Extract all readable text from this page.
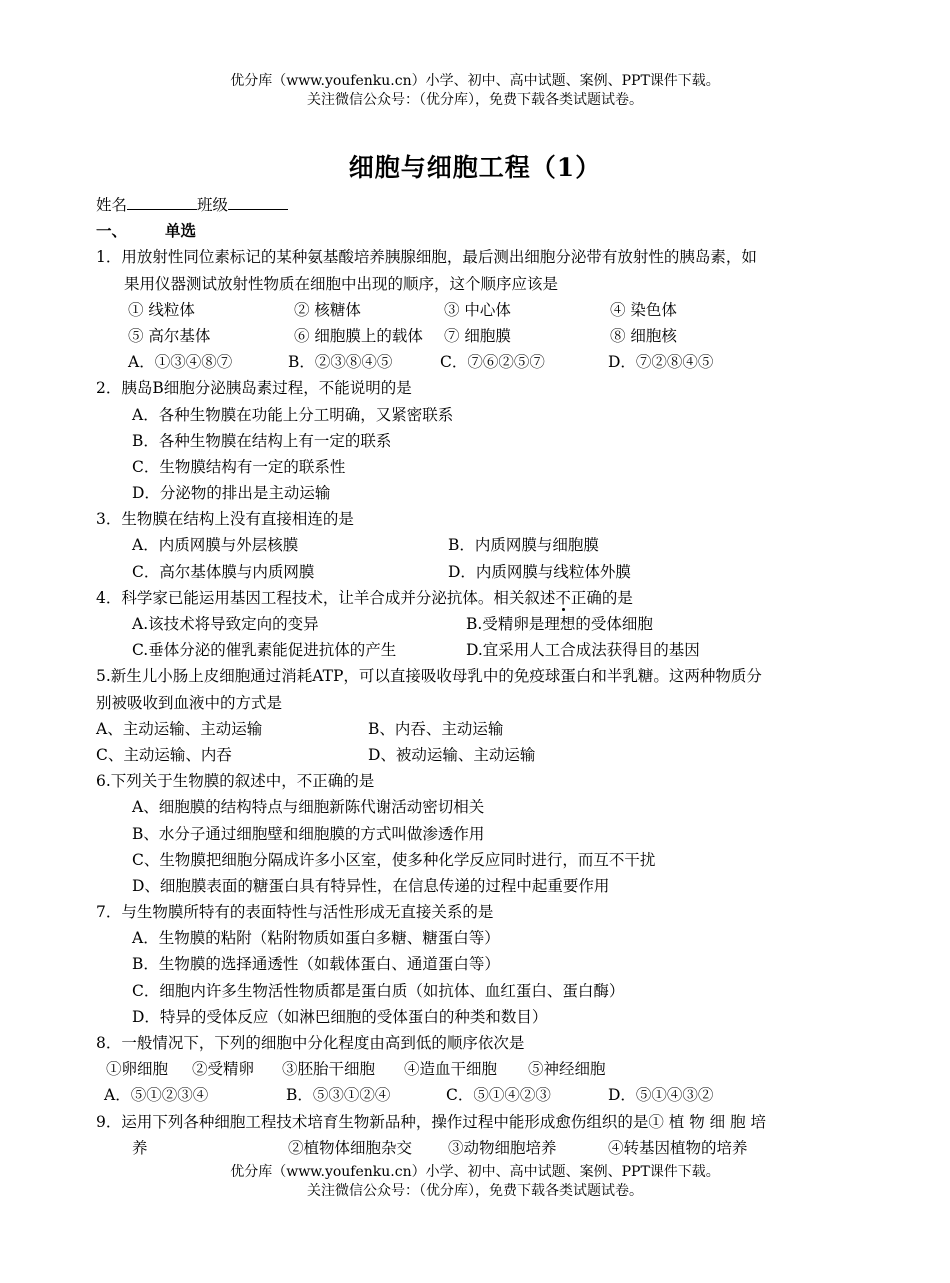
优分库（www.youfenku.cn）小学、初中、高中试题、案例、PPT课件下载。
关注微信公众号：（优分库），免费下载各类试题试卷。
细胞与细胞工程（1）
姓名	班级
一、 单选
1．用放射性同位素标记的某种氨基酸培养胰腺细胞，最后测出细胞分泌带有放射性的胰岛素，如
果用仪器测试放射性物质在细胞中出现的顺序，这个顺序应该是
① 线粒体	② 核糖体	③ 中心体	④ 染色体
⑤ 高尔基体	⑥ 细胞膜上的载体 ⑦ 细胞膜	⑧ 细胞核
A．①③④⑧⑦	B．②③⑧④⑤	C．⑦⑥②⑤⑦	D．⑦②⑧④⑤
2．胰岛B细胞分泌胰岛素过程，不能说明的是
A．各种生物膜在功能上分工明确，又紧密联系
B．各种生物膜在结构上有一定的联系
C．生物膜结构有一定的联系性
D．分泌物的排出是主动运输
3．生物膜在结构上没有直接相连的是
A．内质网膜与外层核膜	B．内质网膜与细胞膜
C．高尔基体膜与内质网膜	D．内质网膜与线粒体外膜
4．科学家已能运用基因工程技术，让羊合成并分泌抗体。相关叙述不正确的是
A.该技术将导致定向的变异	B.受精卵是理想的受体细胞
C.垂体分泌的催乳素能促进抗体的产生	D.宜采用人工合成法获得目的基因
5.新生儿小肠上皮细胞通过消耗ATP，可以直接吸收母乳中的免疫球蛋白和半乳糖。这两种物质分
别被吸收到血液中的方式是
A、主动运输、主动运输	B、内吞、主动运输
C、主动运输、内吞	D、被动运输、主动运输
6.下列关于生物膜的叙述中，不正确的是
A、细胞膜的结构特点与细胞新陈代谢活动密切相关
B、水分子通过细胞壁和细胞膜的方式叫做渗透作用
C、生物膜把细胞分隔成许多小区室，使多种化学反应同时进行，而互不干扰
D、细胞膜表面的糖蛋白具有特异性，在信息传递的过程中起重要作用
7．与生物膜所特有的表面特性与活性形成无直接关系的是
A．生物膜的粘附（粘附物质如蛋白多糖、糖蛋白等）
B．生物膜的选择通透性（如载体蛋白、通道蛋白等）
C．细胞内许多生物活性物质都是蛋白质（如抗体、血红蛋白、蛋白酶）
D．特异的受体反应（如淋巴细胞的受体蛋白的种类和数目）
8．一般情况下，下列的细胞中分化程度由高到低的顺序依次是
①卵细胞 ②受精卵 ③胚胎干细胞 ④造血干细胞 ⑤神经细胞
A．⑤①②③④	B．⑤③①②④	C．⑤①④②③	D．⑤①④③②
9．运用下列各种细胞工程技术培育生物新品种，操作过程中能形成愈伤组织的是① 植 物 细 胞 培
养	②植物体细胞杂交 ③动物细胞培养	④转基因植物的培养
优分库（www.youfenku.cn）小学、初中、高中试题、案例、PPT课件下载。
关注微信公众号：（优分库），免费下载各类试题试卷。
